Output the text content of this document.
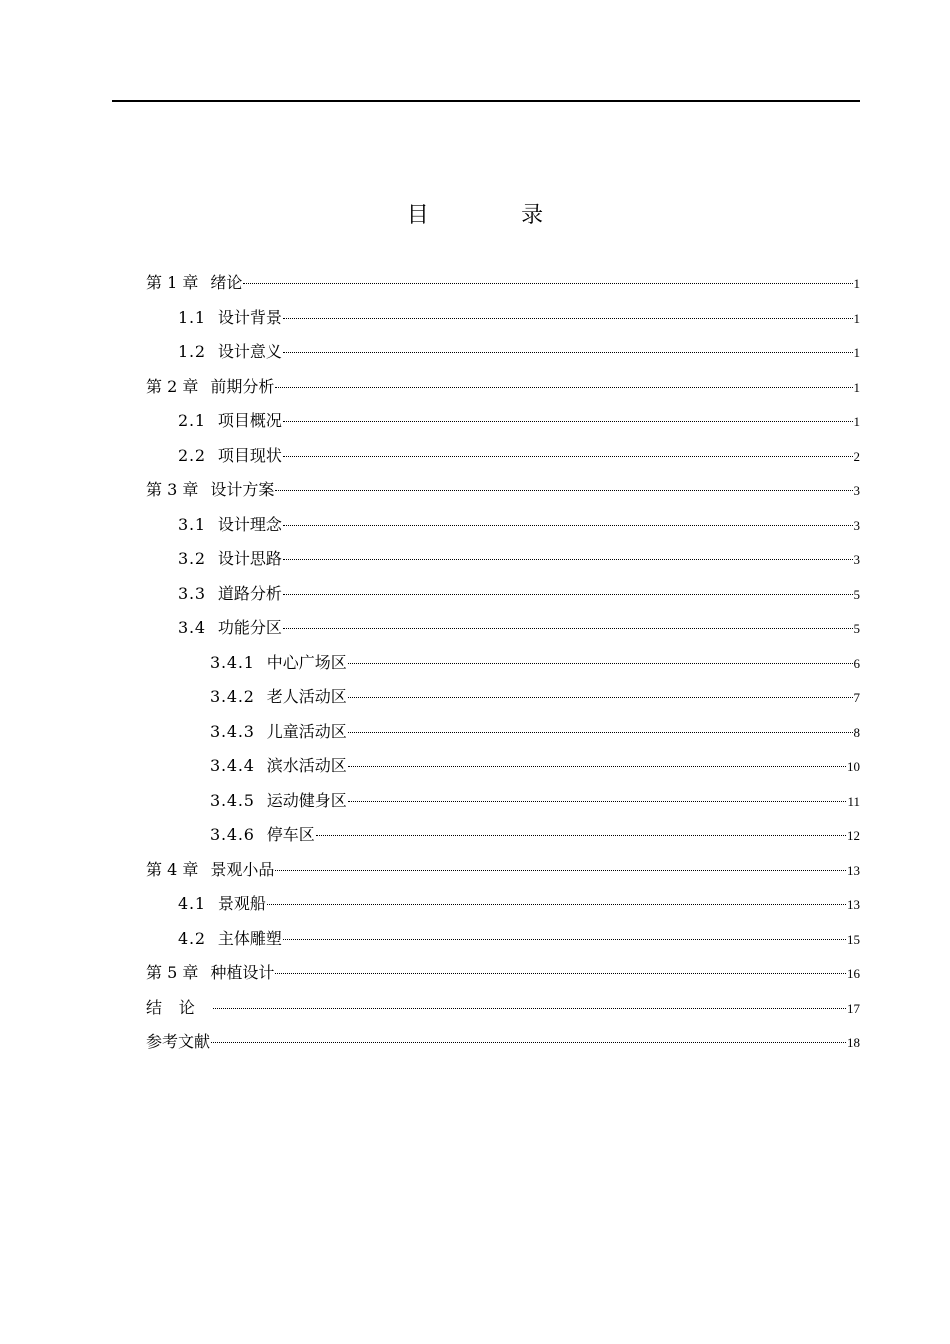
目　录
第 1 章 绪论	1
1.1 设计背景	1
1.2 设计意义	1
第 2 章 前期分析	1
2.1 项目概况	1
2.2 项目现状	2
第 3 章 设计方案	3
3.1 设计理念	3
3.2 设计思路	3
3.3 道路分析	5
3.4 功能分区	5
3.4.1 中心广场区	6
3.4.2 老人活动区	7
3.4.3 儿童活动区	8
3.4.4 滨水活动区	10
3.4.5 运动健身区	11
3.4.6 停车区	12
第 4 章 景观小品	13
4.1 景观船	13
4.2 主体雕塑	15
第 5 章 种植设计	16
结论	17
参考文献	18
